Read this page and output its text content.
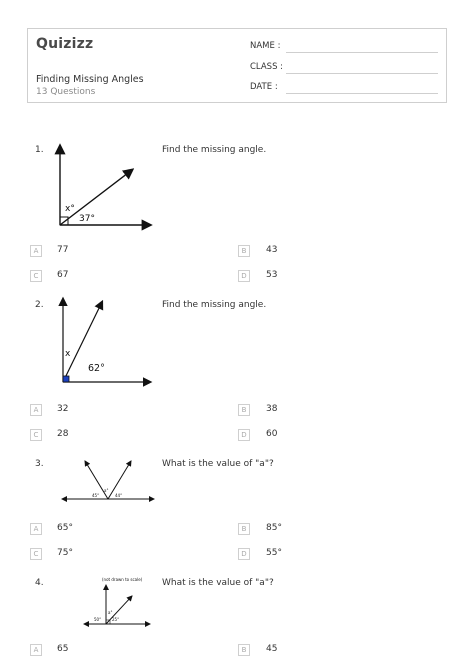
Quizizz
Finding Missing Angles
13 Questions
NAME :
CLASS :
DATE :
1.	Find the missing angle.
x°
37°
A	77	B	43
C	67	D	53
2.	Find the missing angle.
x
62°
A	32	B	38
C	28	D	60
3.	What is the value of "a"?
a°
45°	44°
A	65°	B	85°
C	75°	D	55°
4.	What is the value of "a"?
(not drawn to scale)
a°
50°	25°
A	65	B	45
